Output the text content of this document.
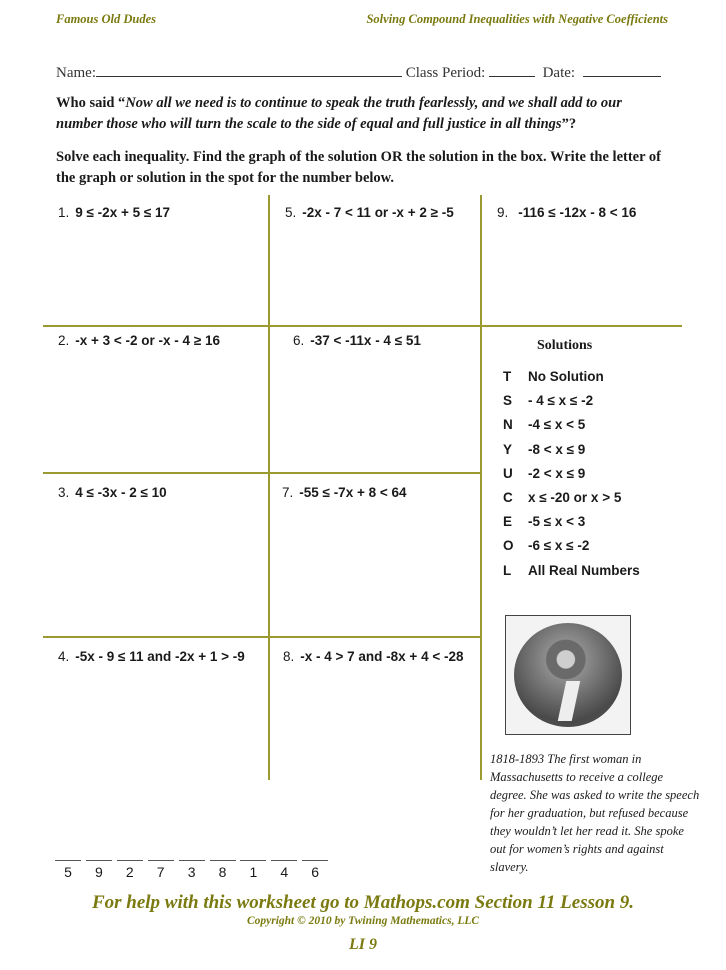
Famous Old Dudes	Solving Compound Inequalities with Negative Coefficients
Name:	Class Period:	Date:
Who said “Now all we need is to continue to speak the truth fearlessly, and we shall add to our number those who will turn the scale to the side of equal and full justice in all things”?
Solve each inequality. Find the graph of the solution OR the solution in the box. Write the letter of the graph or solution in the spot for the number below.
1. 9 ≤ -2x + 5 ≤ 17
2. -x + 3 < -2 or -x - 4 ≥ 16
3. 4 ≤ -3x - 2 ≤ 10
4. -5x - 9 ≤ 11 and -2x + 1 > -9
5. -2x - 7 < 11 or -x + 2 ≥ -5
6. -37 < -11x - 4 ≤ 51
7. -55 ≤ -7x + 8 < 64
8. -x - 4 > 7 and -8x + 4 < -28
9. -116 ≤ -12x - 8 < 16
Solutions
T No Solution
S - 4 ≤ x ≤ -2
N -4 ≤ x < 5
Y -8 < x ≤ 9
U -2 < x ≤ 9
C x ≤ -20 or x > 5
E -5 ≤ x < 3
O -6 ≤ x ≤ -2
L All Real Numbers
1818-1893 The first woman in Massachusetts to receive a college degree. She was asked to write the speech for her graduation, but refused because they wouldn’t let her read it. She spoke out for women’s rights and against slavery.
5	9	2	7	3	8	1	4	6
For help with this worksheet go to Mathops.com Section 11 Lesson 9.
Copyright © 2010 by Twining Mathematics, LLC
LI 9
